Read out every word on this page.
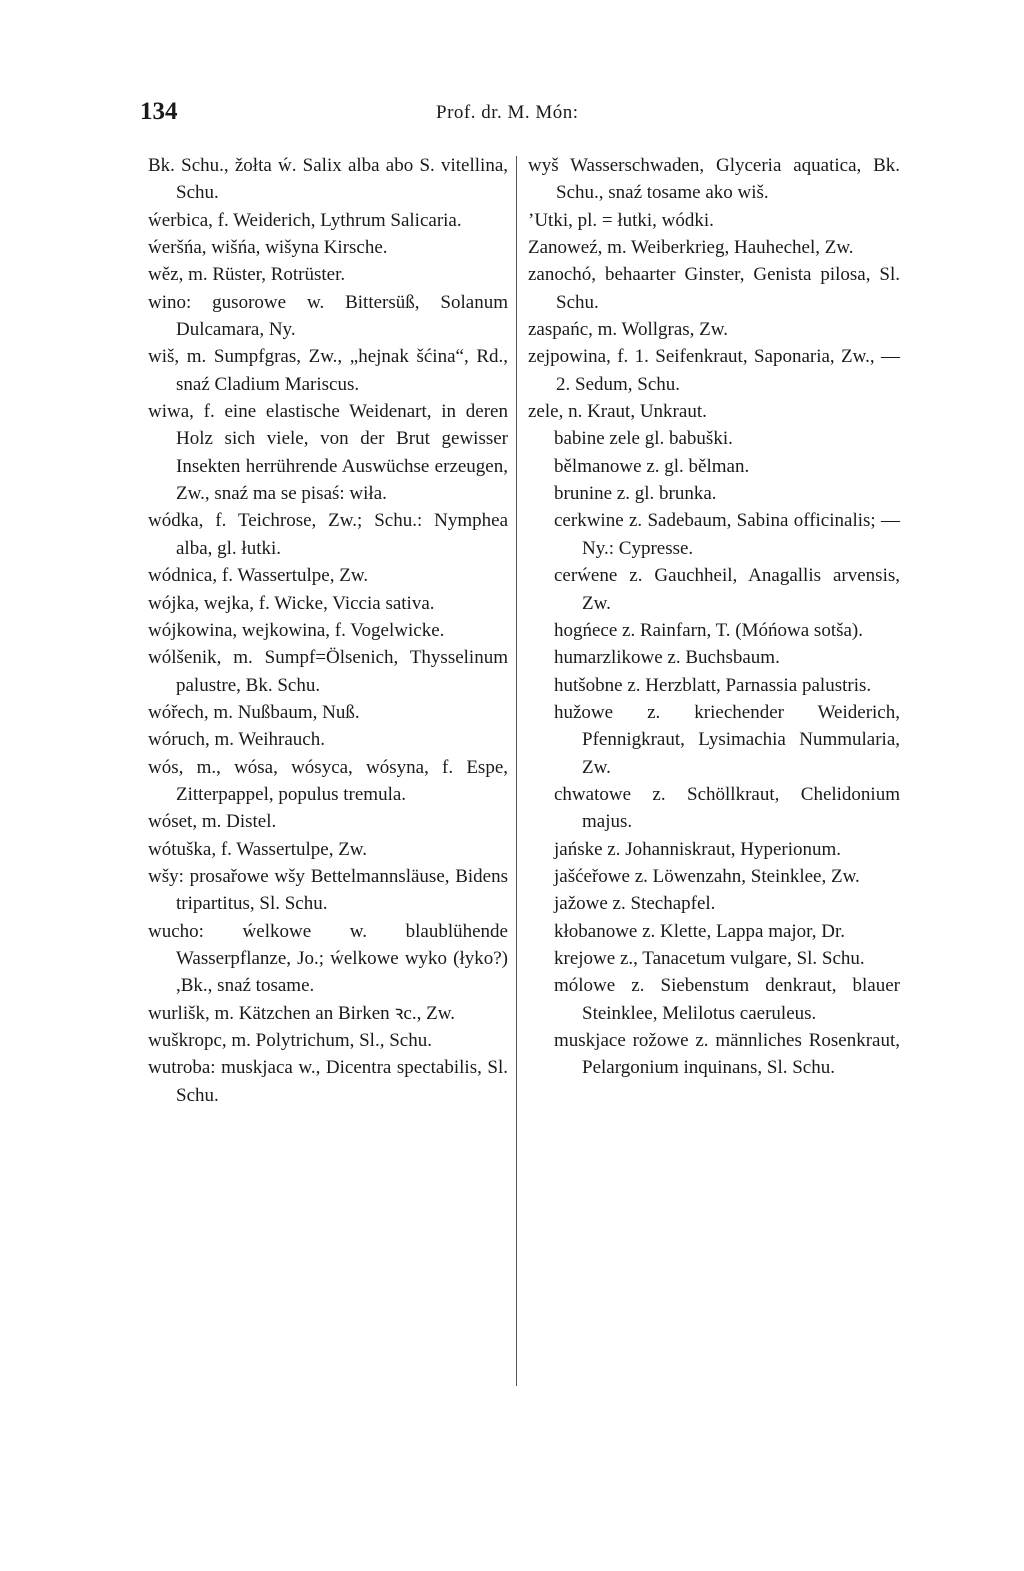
134	Prof. dr. M. Món:

Bk. Schu., žołta ẃ. Salix alba abo S. vitellina, Schu.

ẃerbica, f. Weiderich, Lythrum Salicaria.

ẃeršńa, wišńa, wišyna Kirsche.

wěz, m. Rüster, Rotrüster.

wino: gusorowe w. Bittersüß, Solanum Dulcamara, Ny.

wiš, m. Sumpfgras, Zw., „hejnak šćina“, Rd., snaź Cladium Mariscus.

wiwa, f. eine elastische Weidenart, in deren Holz sich viele, von der Brut gewisser Insekten herrührende Auswüchse erzeugen, Zw., snaź ma se pisaś: wiła.

wódka, f. Teichrose, Zw.; Schu.: Nymphea alba, gl. łutki.

wódnica, f. Wassertulpe, Zw.

wójka, wejka, f. Wicke, Viccia sativa.

wójkowina, wejkowina, f. Vogelwicke.

wólšenik, m. Sumpf=Ölsenich, Thysselinum palustre, Bk. Schu.

wóřech, m. Nußbaum, Nuß.

wóruch, m. Weihrauch.

wós, m., wósa, wósyca, wósyna, f. Espe, Zitterpappel, populus tremula.

wóset, m. Distel.

wótuška, f. Wassertulpe, Zw.

wšy: prosařowe wšy Bettelmannsläuse, Bidens tripartitus, Sl. Schu.

wucho: ẃelkowe w. blaublühende Wasserpflanze, Jo.; ẃelkowe wyko (łyko?) ,Bk., snaź tosame.

wurlišk, m. Kätzchen an Birken ꝛc., Zw.

wuškropc, m. Polytrichum, Sl., Schu.

wutroba: muskjaca w., Dicentra spectabilis, Sl. Schu.

wyš Wasserschwaden, Glyceria aquatica, Bk. Schu., snaź tosame ako wiš.

’Utki, pl. = łutki, wódki.

Zanoweź, m. Weiberkrieg, Hauhechel, Zw.

zanochó, behaarter Ginster, Genista pilosa, Sl. Schu.

zaspańc, m. Wollgras, Zw.

zejpowina, f. 1. Seifenkraut, Saponaria, Zw., — 2. Sedum, Schu.

zele, n. Kraut, Unkraut.

babine zele gl. babuški.

bělmanowe z. gl. bělman.

brunine z. gl. brunka.

cerkwine z. Sadebaum, Sabina officinalis; — Ny.: Cypresse.

cerẃene z. Gauchheil, Anagallis arvensis, Zw.

hogńece z. Rainfarn, T. (Móńowa sotša).

humarzlikowe z. Buchsbaum.

hutšobne z. Herzblatt, Parnassia palustris.

hužowe z. kriechender Weiderich, Pfennigkraut, Lysimachia Nummularia, Zw.

chwatowe z. Schöllkraut, Chelidonium majus.

jańske z. Johanniskraut, Hyperionum.

jašćeřowe z. Löwenzahn, Steinklee, Zw.

jažowe z. Stechapfel.

kłobanowe z. Klette, Lappa major, Dr.

krejowe z., Tanacetum vulgare, Sl. Schu.

mólowe z. Siebenstum denkraut, blauer Steinklee, Melilotus caeruleus.

muskjace rožowe z. männliches Rosenkraut, Pelargonium inquinans, Sl. Schu.
